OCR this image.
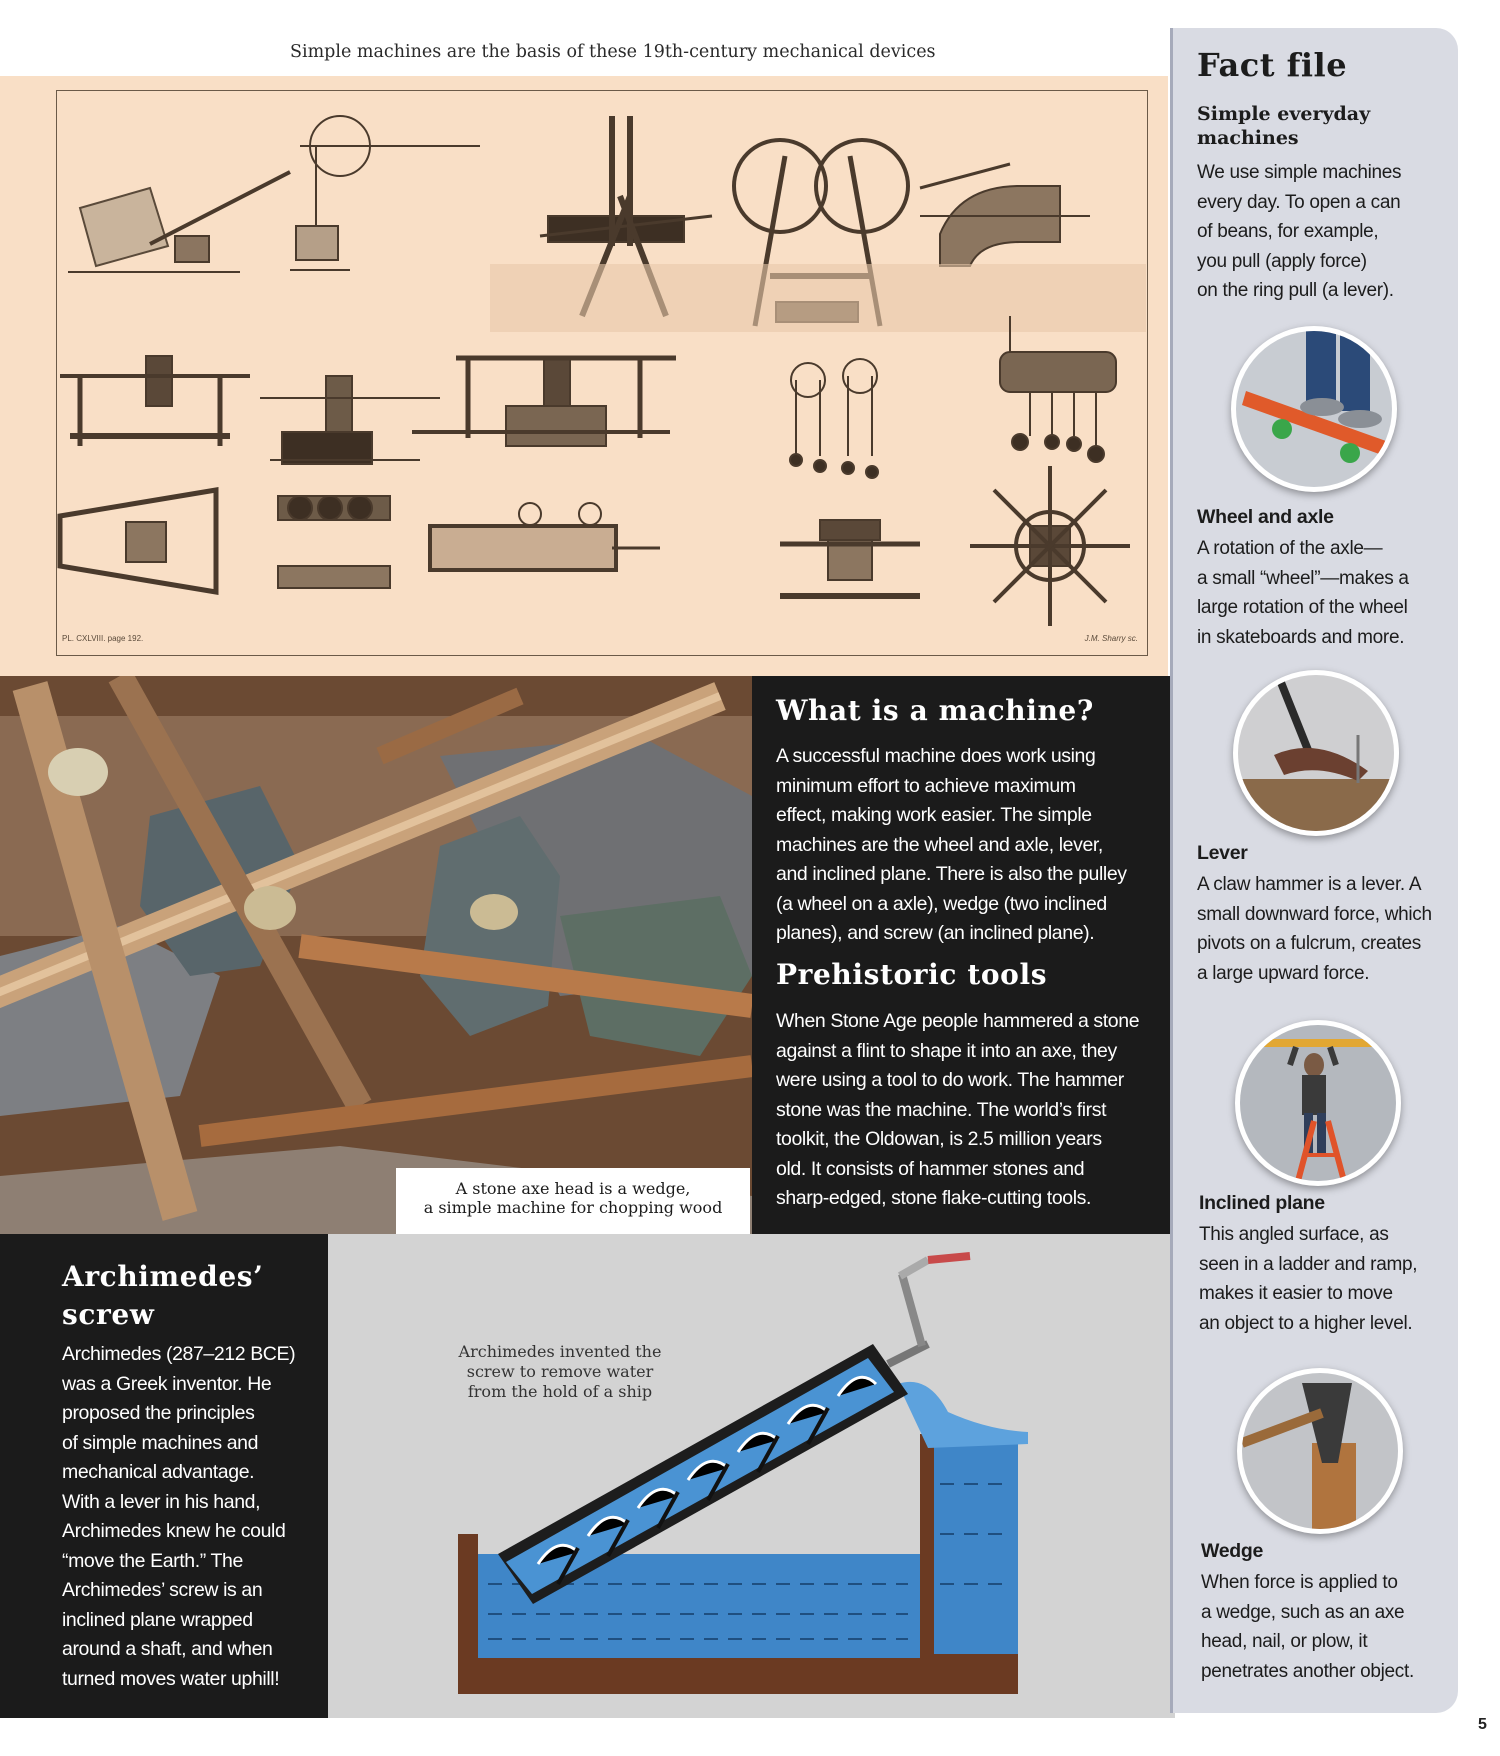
Simple machines are the basis of these 19th-century mechanical devices
PL. CXLVIII. page 192.	J.M. Sharry sc.
A stone axe head is a wedge,
a simple machine for chopping wood
What is a machine?
A successful machine does work using
minimum effort to achieve maximum
effect, making work easier. The simple
machines are the wheel and axle, lever,
and inclined plane. There is also the pulley
(a wheel on a axle), wedge (two inclined
planes), and screw (an inclined plane).
Prehistoric tools
When Stone Age people hammered a stone
against a flint to shape it into an axe, they
were using a tool to do work. The hammer
stone was the machine. The world’s first
toolkit, the Oldowan, is 2.5 million years
old. It consists of hammer stones and
sharp-edged, stone flake-cutting tools.
Archimedes’
screw
Archimedes (287–212 BCE)
was a Greek inventor. He
proposed the principles
of simple machines and
mechanical advantage.
With a lever in his hand,
Archimedes knew he could
“move the Earth.” The
Archimedes’ screw is an
inclined plane wrapped
around a shaft, and when
turned moves water uphill!
Archimedes invented the
screw to remove water
from the hold of a ship
Fact file
Simple everyday
machines
We use simple machines
every day. To open a can
of beans, for example,
you pull (apply force)
on the ring pull (a lever).
Wheel and axle
A rotation of the axle—
a small “wheel”—makes a
large rotation of the wheel
in skateboards and more.
Lever
A claw hammer is a lever. A
small downward force, which
pivots on a fulcrum, creates
a large upward force.
Inclined plane
This angled surface, as
seen in a ladder and ramp,
makes it easier to move
an object to a higher level.
Wedge
When force is applied to
a wedge, such as an axe
head, nail, or plow, it
penetrates another object.
5
